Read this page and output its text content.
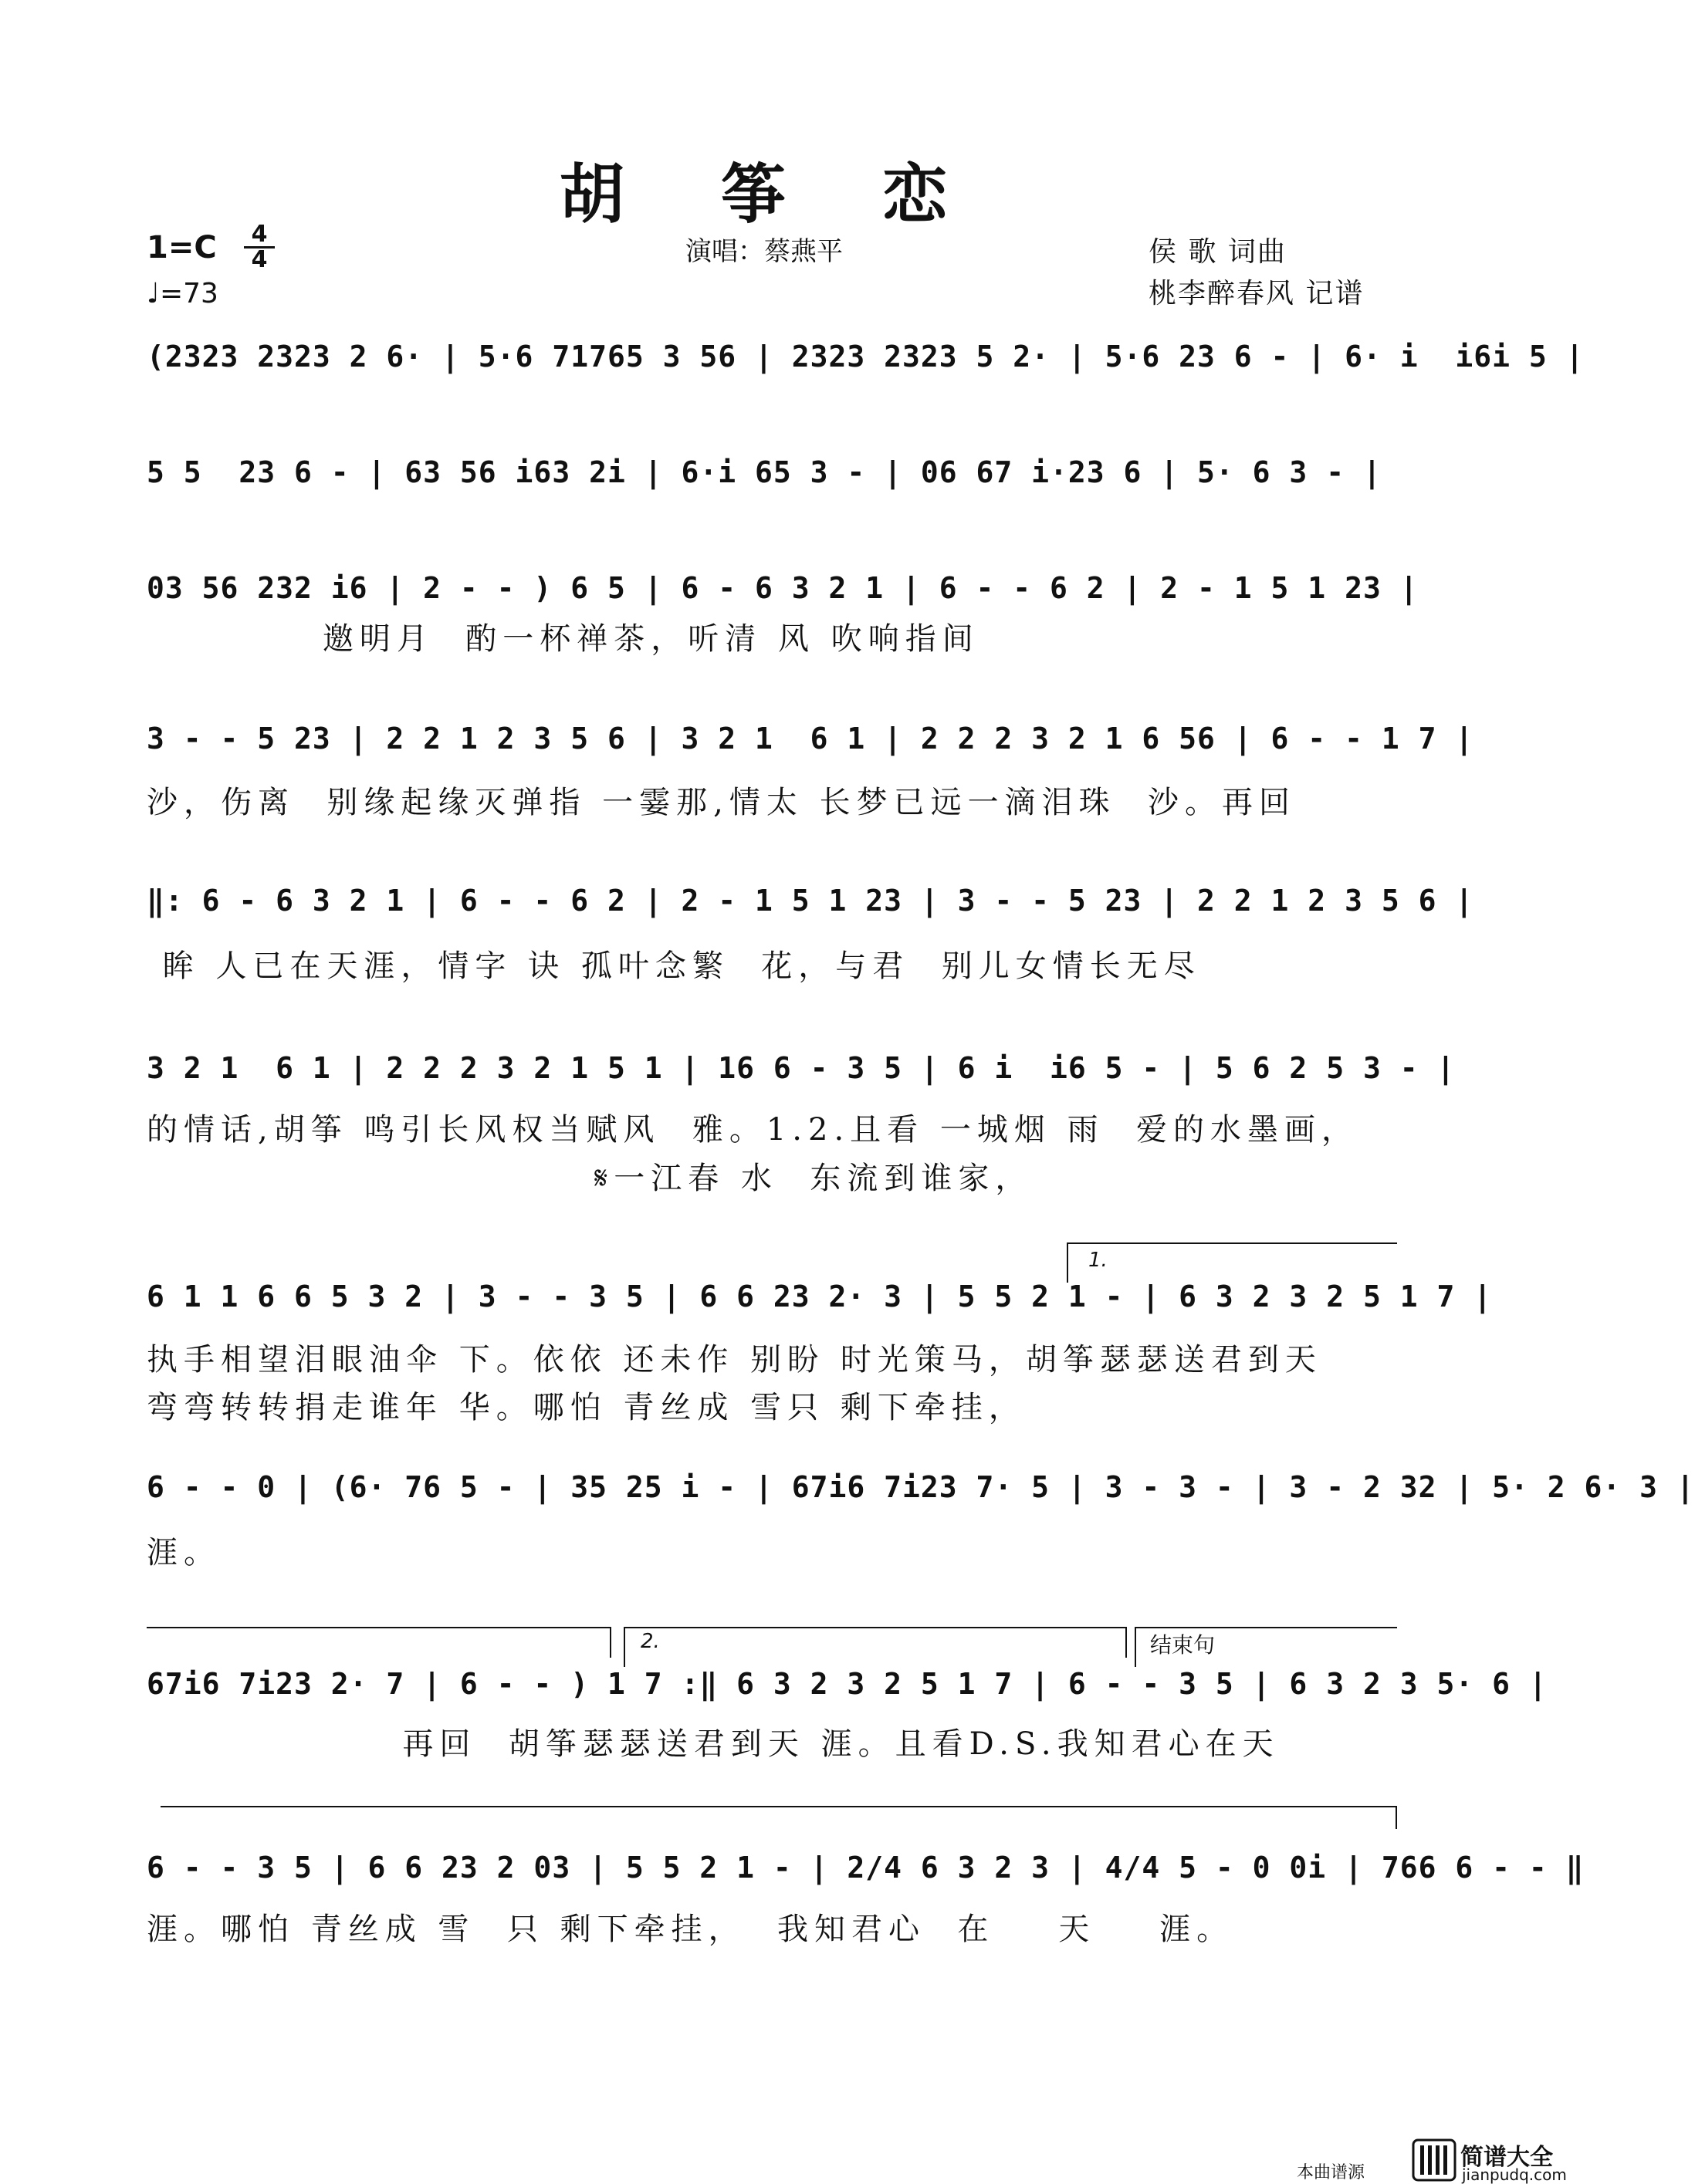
胡 筝 恋
1=C	4
4
♩=73
演唱：蔡燕平	侯 歌 词曲
桃李醉春风 记谱
(2323 2323 2 6· | 5·6 71765 3 56 | 2323 2323 5 2· | 5·6 23 6 - | 6· i  i6i 5 |
5 5  23 6 - | 63 56 i63 2i | 6·i 65 3 - | 06 67 i·23 6 | 5· 6 3 - |
03 56 232 i6 | 2 - - ) 6 5 | 6 - 6 3 2 1 | 6 - - 6 2 | 2 - 1 5 1 23 |
邀明月  酌一杯禅茶，听清 风 吹响指间
3 - - 5 23 | 2 2 1 2 3 5 6 | 3 2 1  6 1 | 2 2 2 3 2 1 6 56 | 6 - - 1 7 |
沙，伤离  别缘起缘灭弹指 一霎那,情太 长梦已远一滴泪珠  沙。再回
‖: 6 - 6 3 2 1 | 6 - - 6 2 | 2 - 1 5 1 23 | 3 - - 5 23 | 2 2 1 2 3 5 6 |
眸 人已在天涯，情字 诀 孤叶念繁  花，与君  别儿女情长无尽
3 2 1  6 1 | 2 2 2 3 2 1 5 1 | 16 6 - 3 5 | 6 i  i6 5 - | 5 6 2 5 3 - |
的情话,胡筝 鸣引长风权当赋风  雅。1.2.且看 一城烟 雨  爱的水墨画，
𝄋一江春 水  东流到谁家，
1.
6 1 1 6 6 5 3 2 | 3 - - 3 5 | 6 6 23 2· 3 | 5 5 2 1 - | 6 3 2 3 2 5 1 7 |
执手相望泪眼油伞 下。依依 还未作 别盼 时光策马，胡筝瑟瑟送君到天
弯弯转转捐走谁年 华。哪怕 青丝成 雪只 剩下牵挂，
6 - - 0 | (6· 76 5 - | 35 25 i - | 67i6 7i23 7· 5 | 3 - 3 - | 3 - 2 32 | 5· 2 6· 3 |
涯。
2.	结束句
67i6 7i23 2· 7 | 6 - - ) 1 7 :‖ 6 3 2 3 2 5 1 7 | 6 - - 3 5 | 6 3 2 3 5· 6 |
再回  胡筝瑟瑟送君到天 涯。且看D.S.我知君心在天
6 - - 3 5 | 6 6 23 2 03 | 5 5 2 1 - | 2/4 6 3 2 3 | 4/4 5 - 0 0i | 766 6 - - ‖
涯。哪怕 青丝成 雪  只 剩下牵挂，  我知君心  在    天    涯。
本曲谱源
简谱大全
jianpudq.com
